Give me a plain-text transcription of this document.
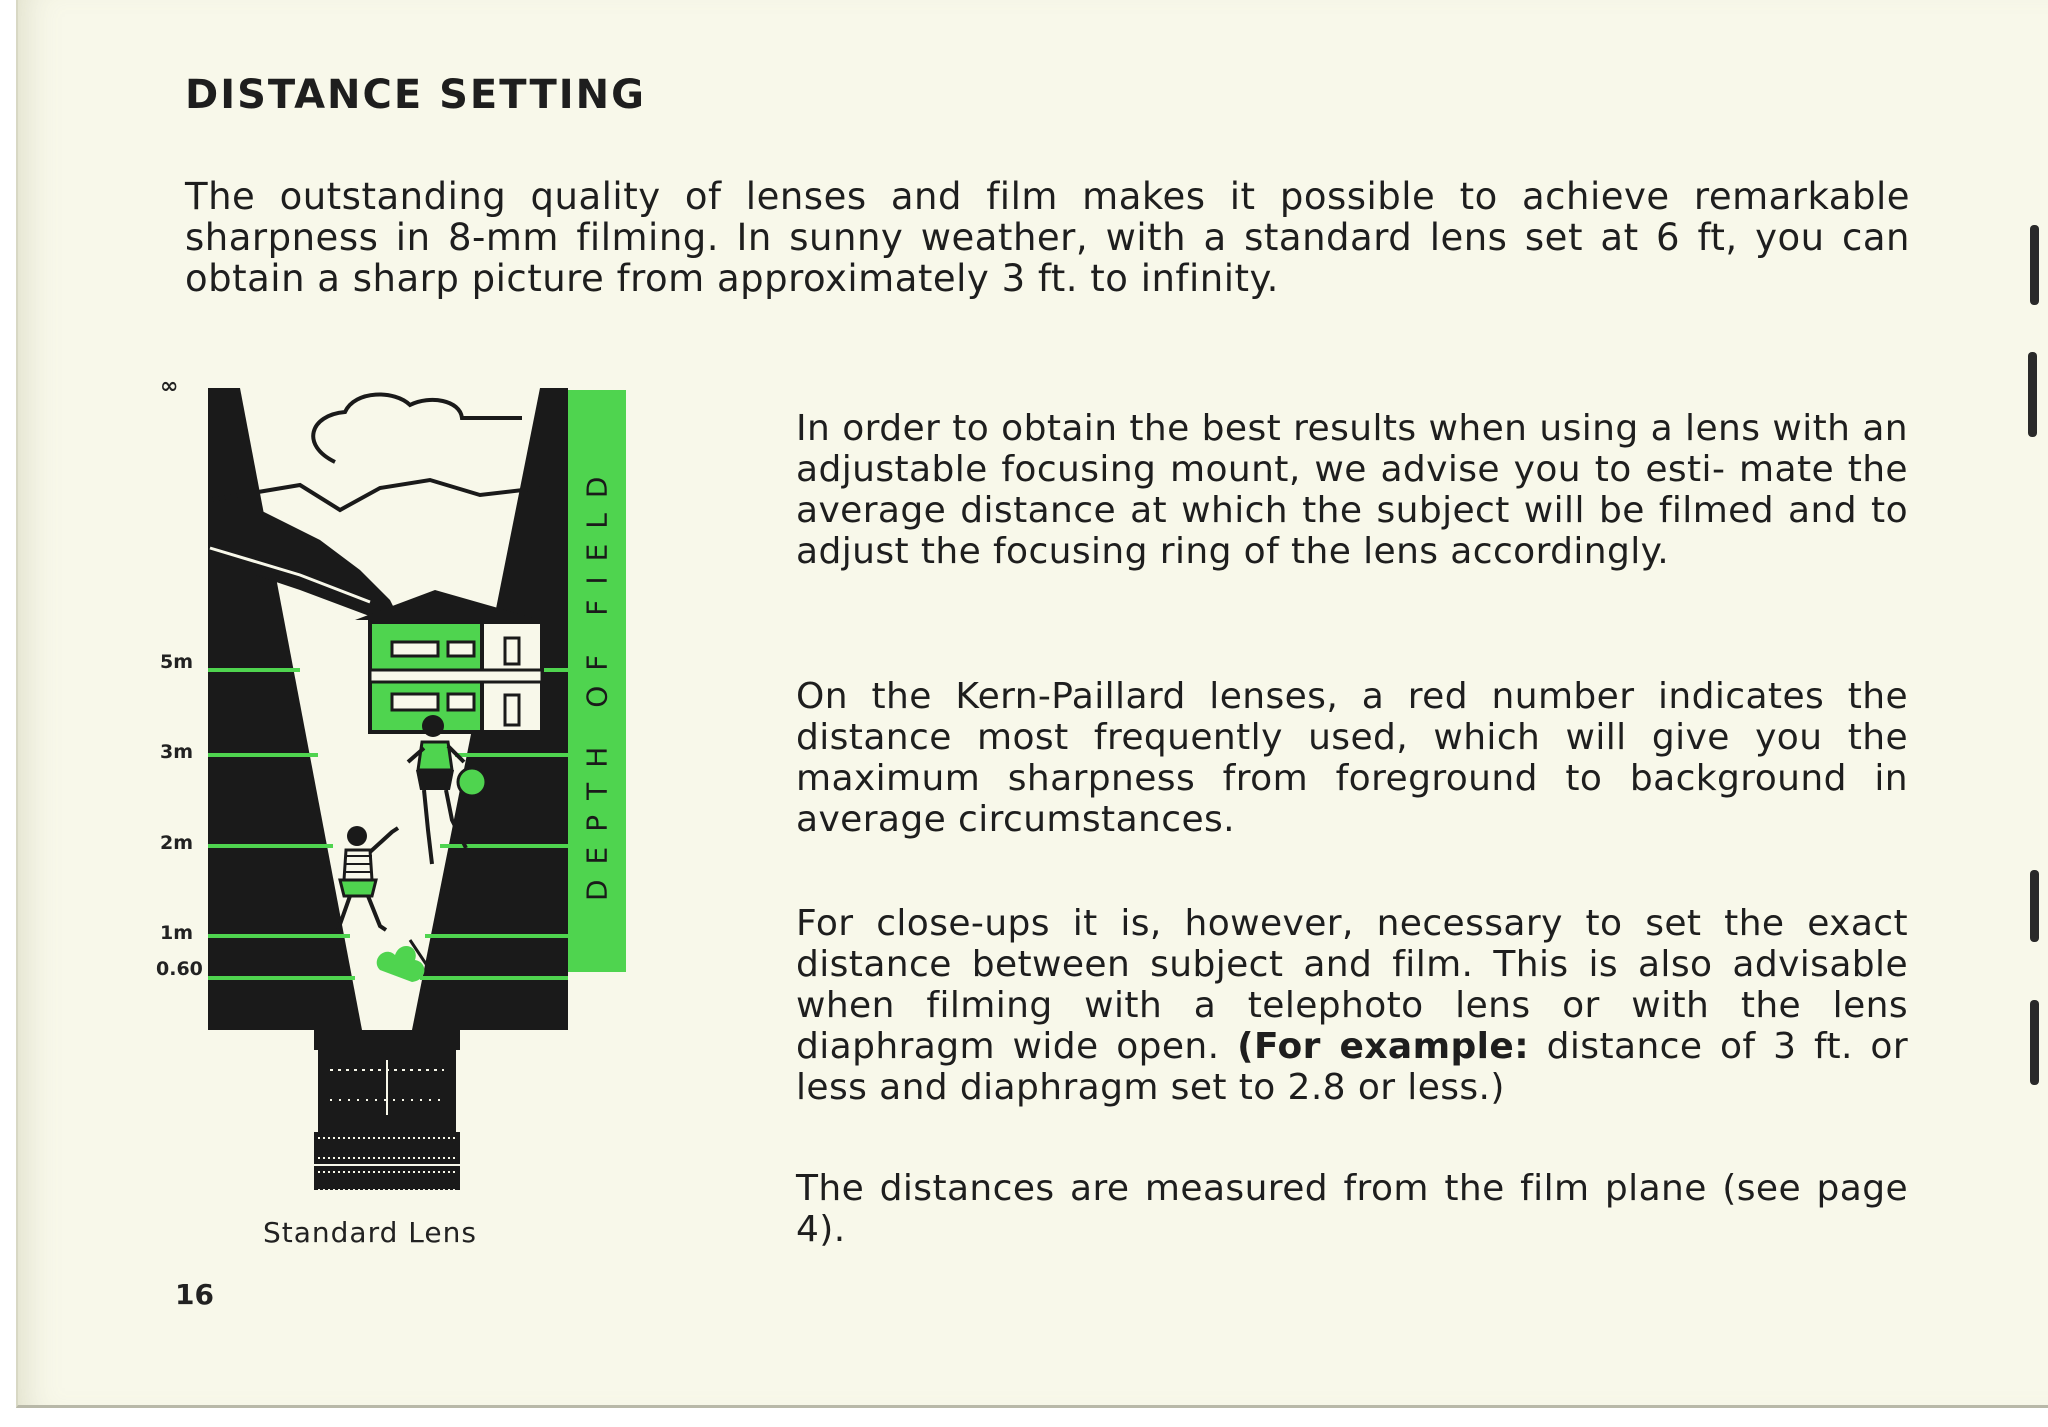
DISTANCE SETTING
The outstanding quality of lenses and film makes it possible to achieve remarkable sharpness in 8-mm filming. In sunny weather, with a standard lens set at 6 ft, you can obtain a sharp picture from approximately 3 ft. to infinity.
∞
5m
3m
2m
1m
0.60
DEPTH OF FIELD
Standard Lens

In order to obtain the best results when using a lens with an adjustable focusing mount, we advise you to esti- mate the average distance at which the subject will be filmed and to adjust the focusing ring of the lens accordingly.

On the Kern-Paillard lenses, a red number indicates the distance most frequently used, which will give you the maximum sharpness from foreground to background in average circumstances.

For close-ups it is, however, necessary to set the exact distance between subject and film. This is also advisable when filming with a telephoto lens or with the lens diaphragm wide open. (For example: distance of 3 ft. or less and diaphragm set to 2.8 or less.)

The distances are measured from the film plane (see page 4).

16
